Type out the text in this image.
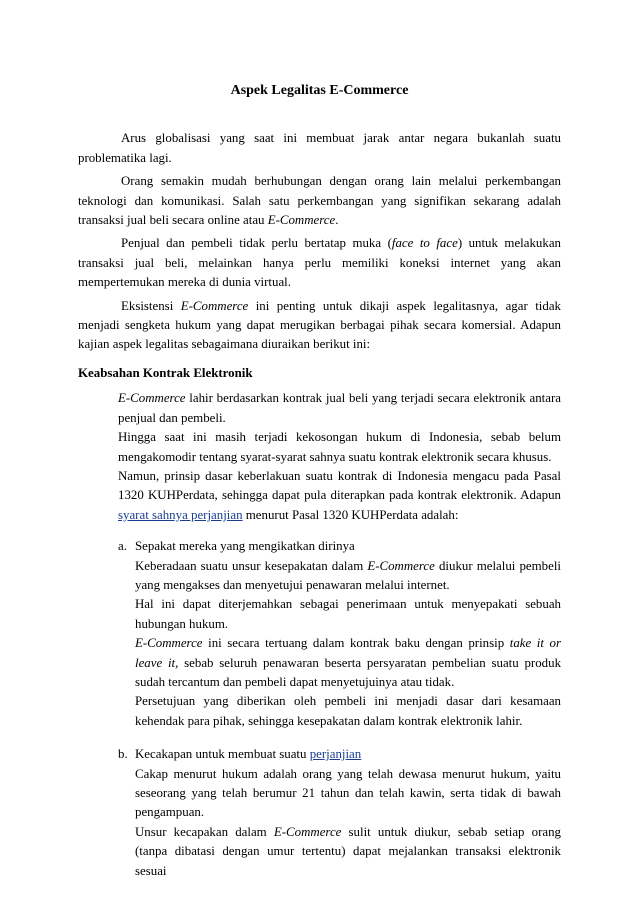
Aspek Legalitas E-Commerce

Arus globalisasi yang saat ini membuat jarak antar negara bukanlah suatu problematika lagi.

Orang semakin mudah berhubungan dengan orang lain melalui perkembangan teknologi dan komunikasi. Salah satu perkembangan yang signifikan sekarang adalah transaksi jual beli secara online atau E-Commerce.

Penjual dan pembeli tidak perlu bertatap muka (face to face) untuk melakukan transaksi jual beli, melainkan hanya perlu memiliki koneksi internet yang akan mempertemukan mereka di dunia virtual.

Eksistensi E-Commerce ini penting untuk dikaji aspek legalitasnya, agar tidak menjadi sengketa hukum yang dapat merugikan berbagai pihak secara komersial. Adapun kajian aspek legalitas sebagaimana diuraikan berikut ini:

Keabsahan Kontrak Elektronik

E-Commerce lahir berdasarkan kontrak jual beli yang terjadi secara elektronik antara penjual dan pembeli.

Hingga saat ini masih terjadi kekosongan hukum di Indonesia, sebab belum mengakomodir tentang syarat-syarat sahnya suatu kontrak elektronik secara khusus.

Namun, prinsip dasar keberlakuan suatu kontrak di Indonesia mengacu pada Pasal 1320 KUHPerdata, sehingga dapat pula diterapkan pada kontrak elektronik. Adapun syarat sahnya perjanjian menurut Pasal 1320 KUHPerdata adalah:

a. Sepakat mereka yang mengikatkan dirinya

Keberadaan suatu unsur kesepakatan dalam E-Commerce diukur melalui pembeli yang mengakses dan menyetujui penawaran melalui internet.

Hal ini dapat diterjemahkan sebagai penerimaan untuk menyepakati sebuah hubungan hukum.

E-Commerce ini secara tertuang dalam kontrak baku dengan prinsip take it or leave it, sebab seluruh penawaran beserta persyaratan pembelian suatu produk sudah tercantum dan pembeli dapat menyetujuinya atau tidak.

Persetujuan yang diberikan oleh pembeli ini menjadi dasar dari kesamaan kehendak para pihak, sehingga kesepakatan dalam kontrak elektronik lahir.

b. Kecakapan untuk membuat suatu perjanjian

Cakap menurut hukum adalah orang yang telah dewasa menurut hukum, yaitu seseorang yang telah berumur 21 tahun dan telah kawin, serta tidak di bawah pengampuan.

Unsur kecapakan dalam E-Commerce sulit untuk diukur, sebab setiap orang (tanpa dibatasi dengan umur tertentu) dapat mejalankan transaksi elektronik sesuai
